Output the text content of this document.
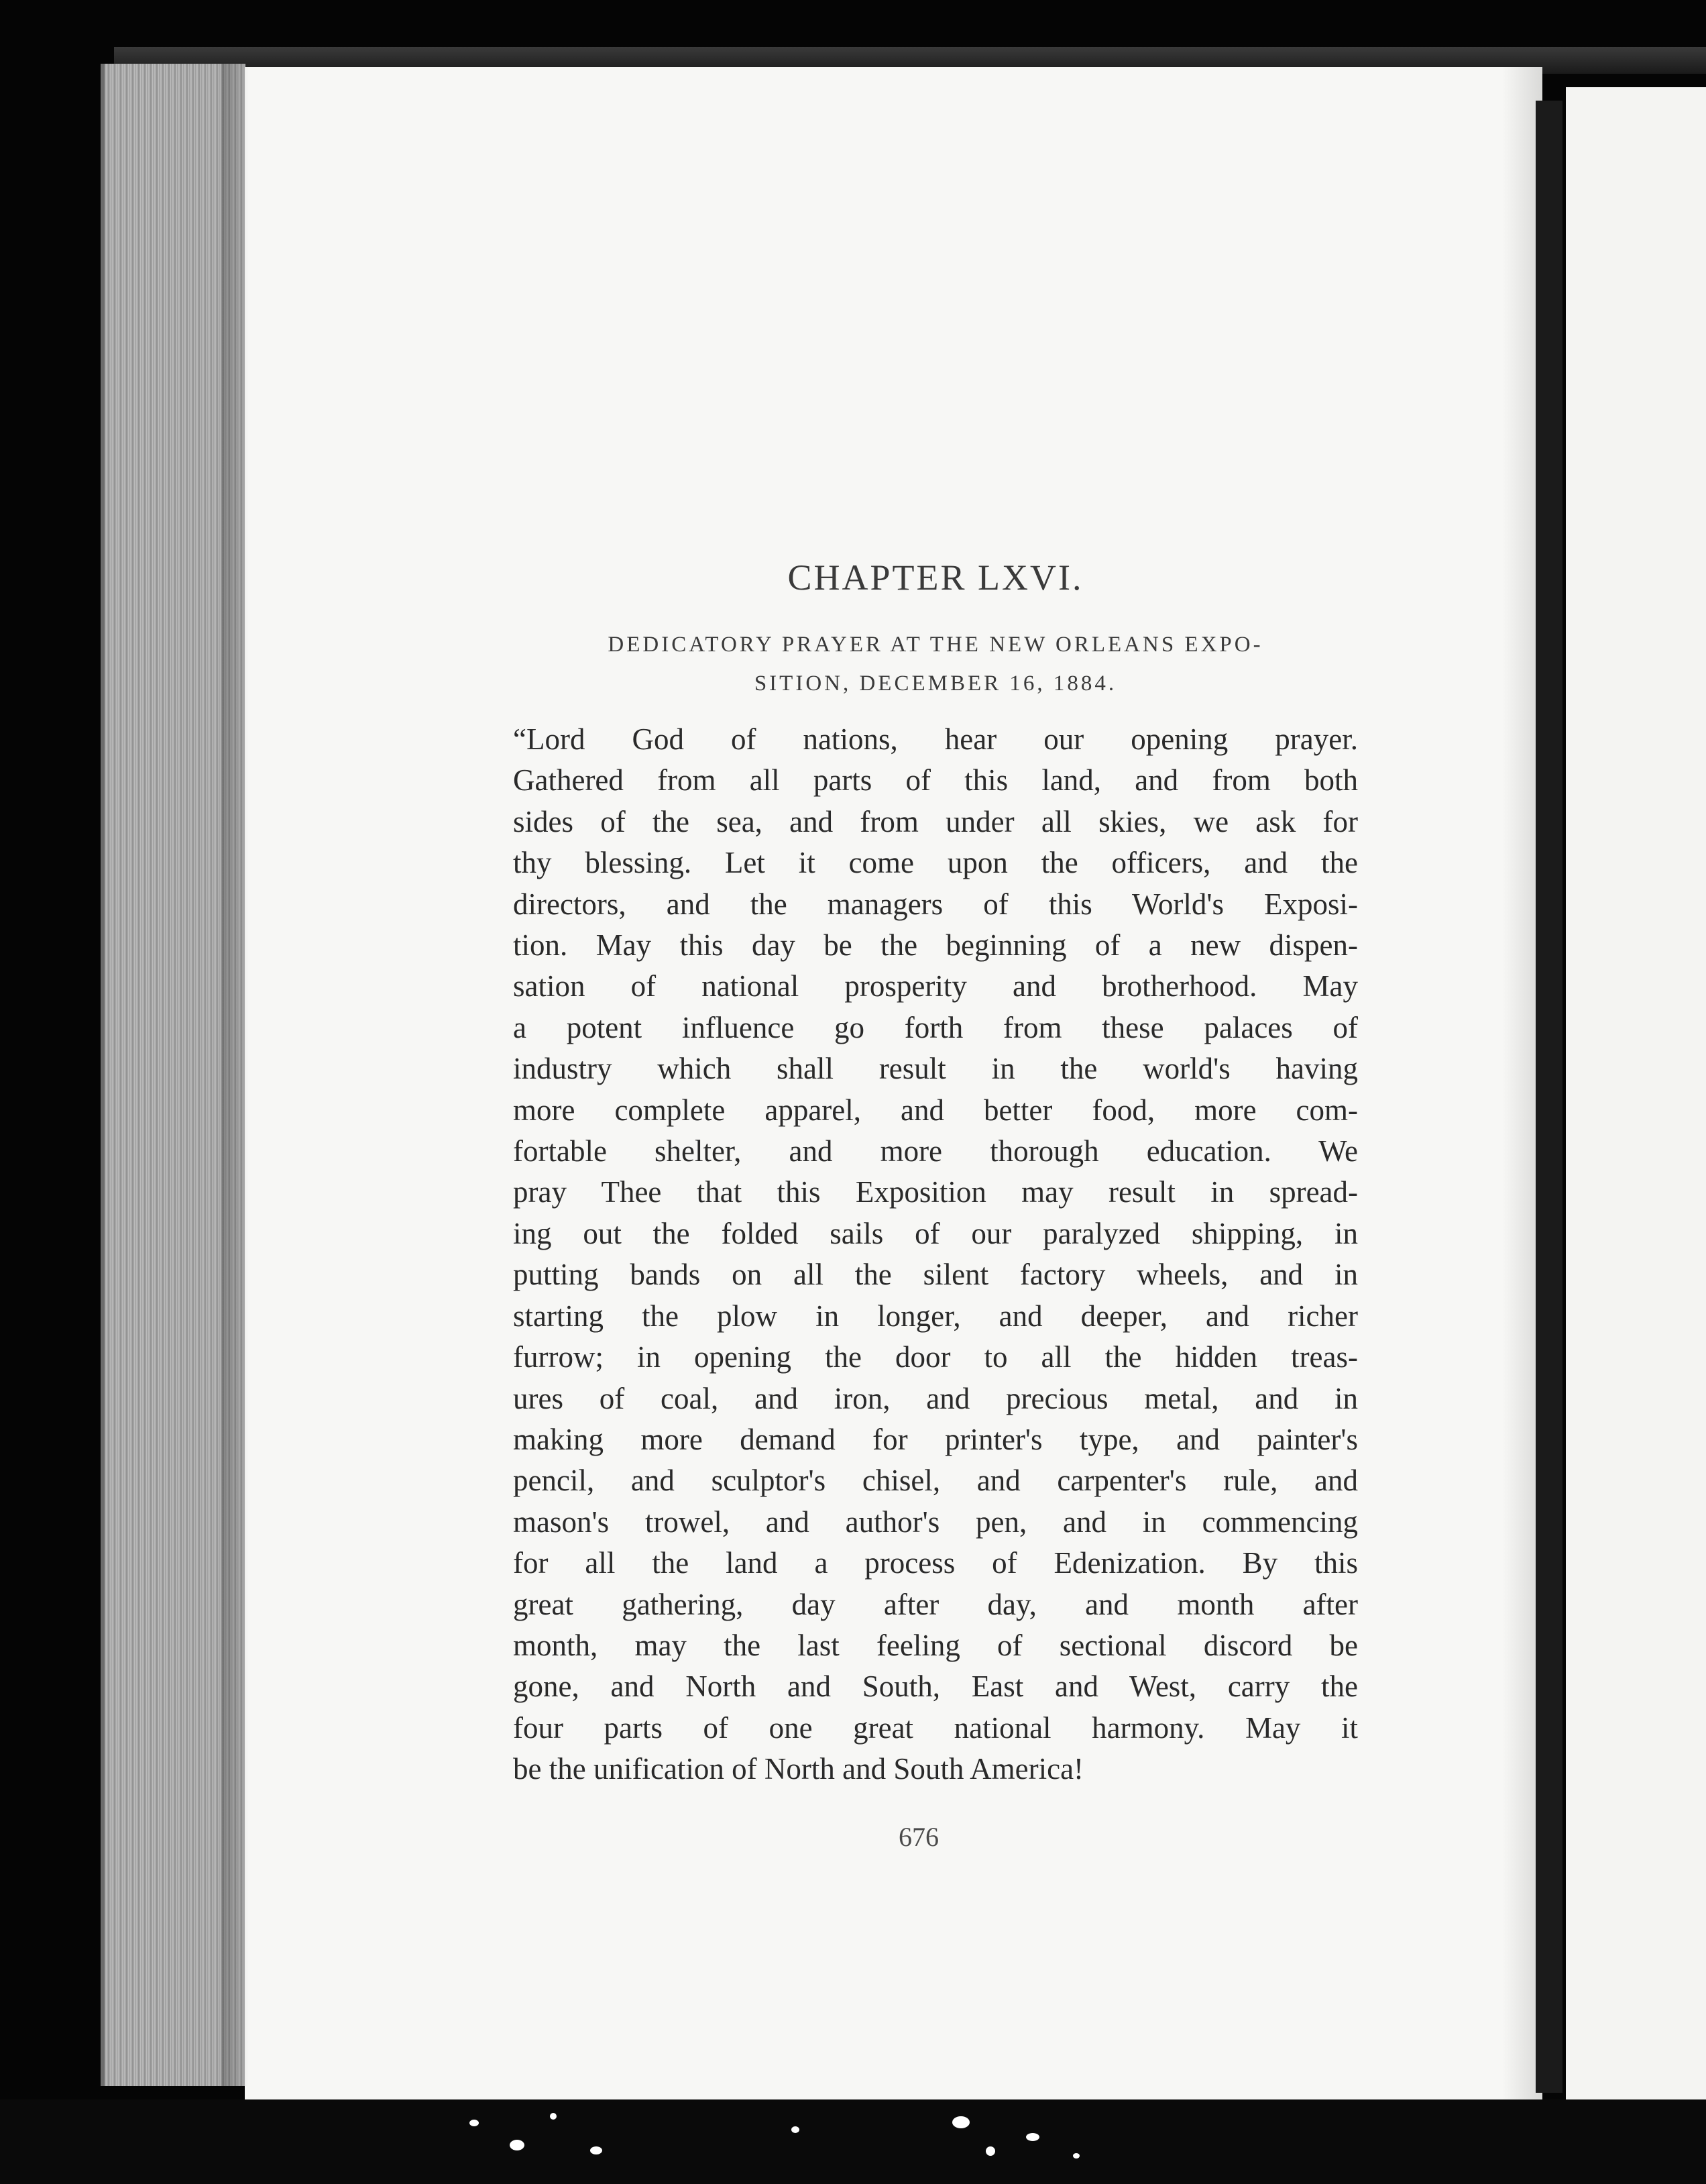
CHAPTER LXVI.
DEDICATORY PRAYER AT THE NEW ORLEANS EXPO-
SITION, DECEMBER 16, 1884.
“Lord God of nations, hear our opening prayer.
Gathered from all parts of this land, and from both
sides of the sea, and from under all skies, we ask for
thy blessing. Let it come upon the officers, and the
directors, and the managers of this World's Exposi-
tion. May this day be the beginning of a new dispen-
sation of national prosperity and brotherhood. May
a potent influence go forth from these palaces of
industry which shall result in the world's having
more complete apparel, and better food, more com-
fortable shelter, and more thorough education. We
pray Thee that this Exposition may result in spread-
ing out the folded sails of our paralyzed shipping, in
putting bands on all the silent factory wheels, and in
starting the plow in longer, and deeper, and richer
furrow; in opening the door to all the hidden treas-
ures of coal, and iron, and precious metal, and in
making more demand for printer's type, and painter's
pencil, and sculptor's chisel, and carpenter's rule, and
mason's trowel, and author's pen, and in commencing
for all the land a process of Edenization. By this
great gathering, day after day, and month after
month, may the last feeling of sectional discord be
gone, and North and South, East and West, carry the
four parts of one great national harmony. May it
be the unification of North and South America!
676
